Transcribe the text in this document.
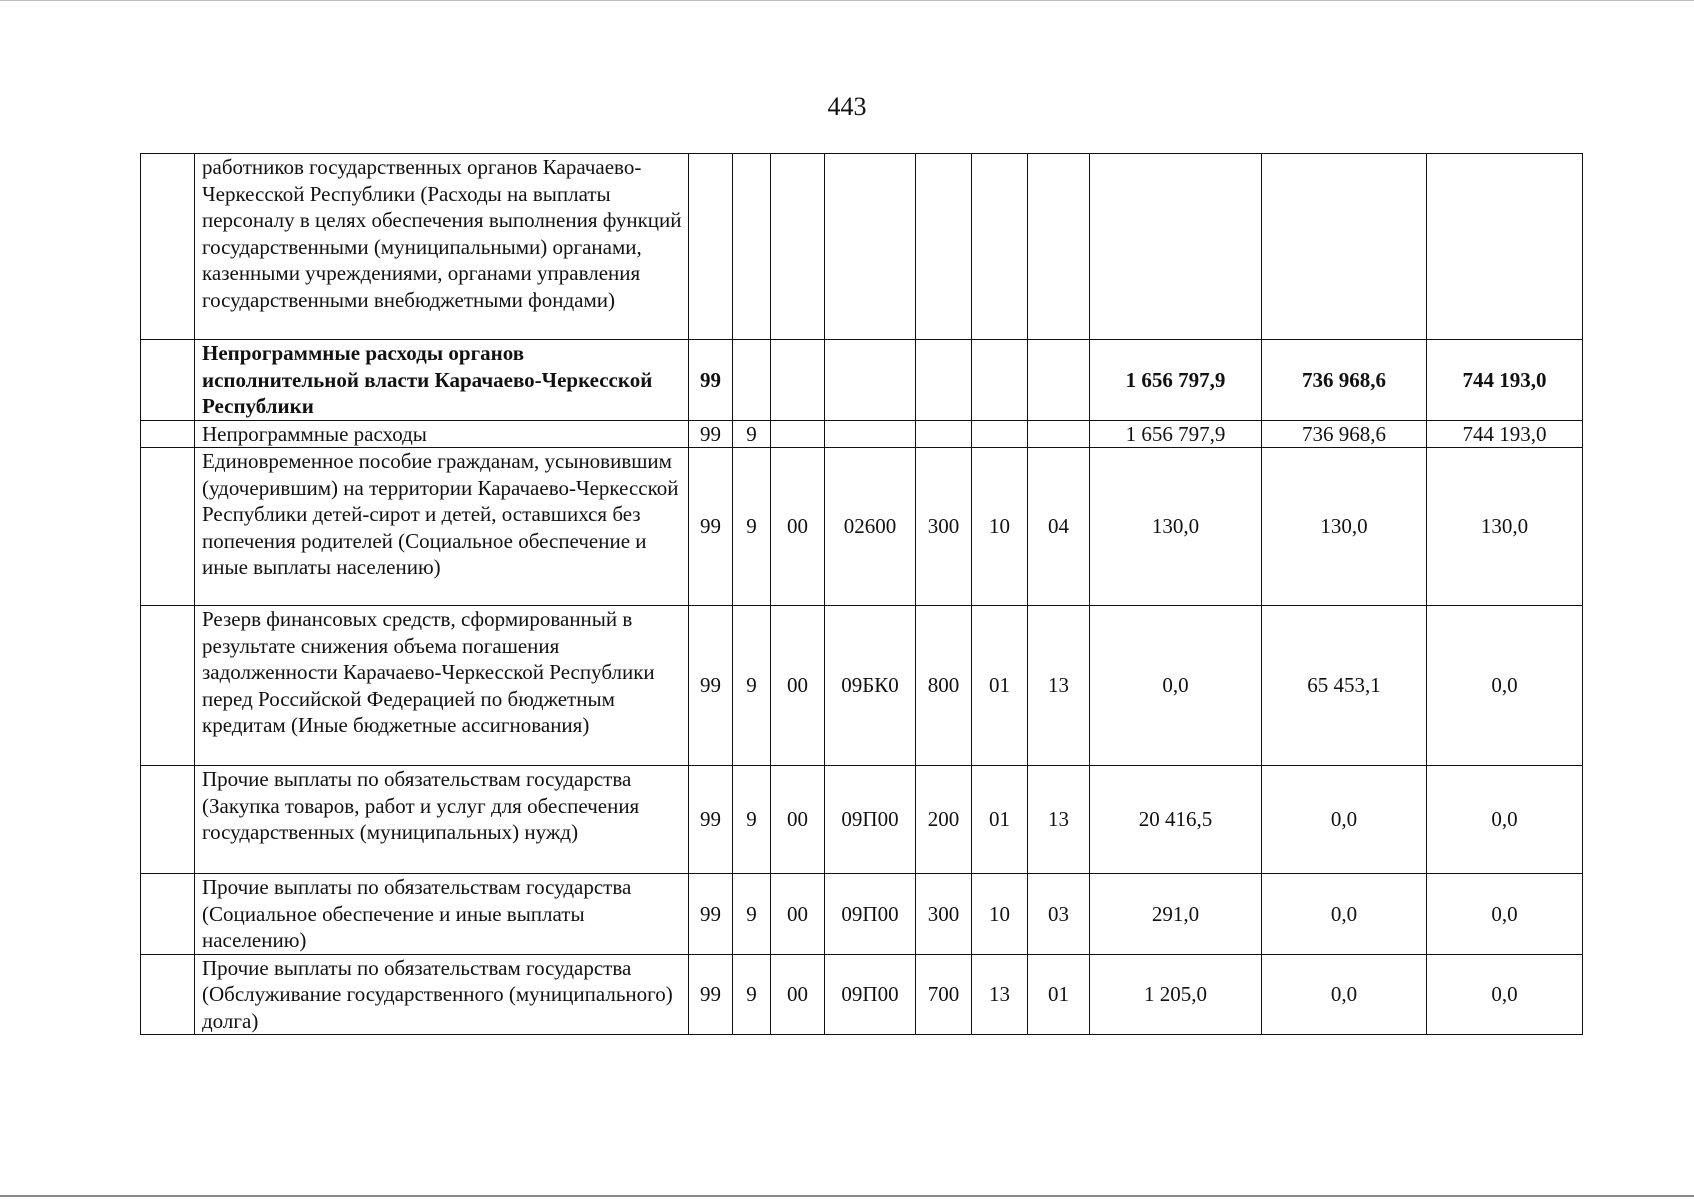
443
	работников государственных органов Карачаево-Черкесской Республики (Расходы на выплаты персоналу в целях обеспечения выполнения функций государственными (муниципальными) органами, казенными учреждениями, органами управления государственными внебюджетными фондами)										
	Непрограммные расходы органов исполнительной власти Карачаево-Черкесской Республики	99							1 656 797,9	736 968,6	744 193,0
	Непрограммные расходы	99	9						1 656 797,9	736 968,6	744 193,0
	Единовременное пособие гражданам, усыновившим (удочерившим) на территории Карачаево-Черкесской Республики детей-сирот и детей, оставшихся без попечения родителей (Социальное обеспечение и иные выплаты населению)	99	9	00	02600	300	10	04	130,0	130,0	130,0
	Резерв финансовых средств, сформированный в результате снижения объема погашения задолженности Карачаево-Черкесской Республики перед Российской Федерацией по бюджетным кредитам (Иные бюджетные ассигнования)	99	9	00	09БК0	800	01	13	0,0	65 453,1	0,0
	Прочие выплаты по обязательствам государства (Закупка товаров, работ и услуг для обеспечения государственных (муниципальных) нужд)	99	9	00	09П00	200	01	13	20 416,5	0,0	0,0
	Прочие выплаты по обязательствам государства (Социальное обеспечение и иные выплаты населению)	99	9	00	09П00	300	10	03	291,0	0,0	0,0
	Прочие выплаты по обязательствам государства (Обслуживание государственного (муниципального) долга)	99	9	00	09П00	700	13	01	1 205,0	0,0	0,0
